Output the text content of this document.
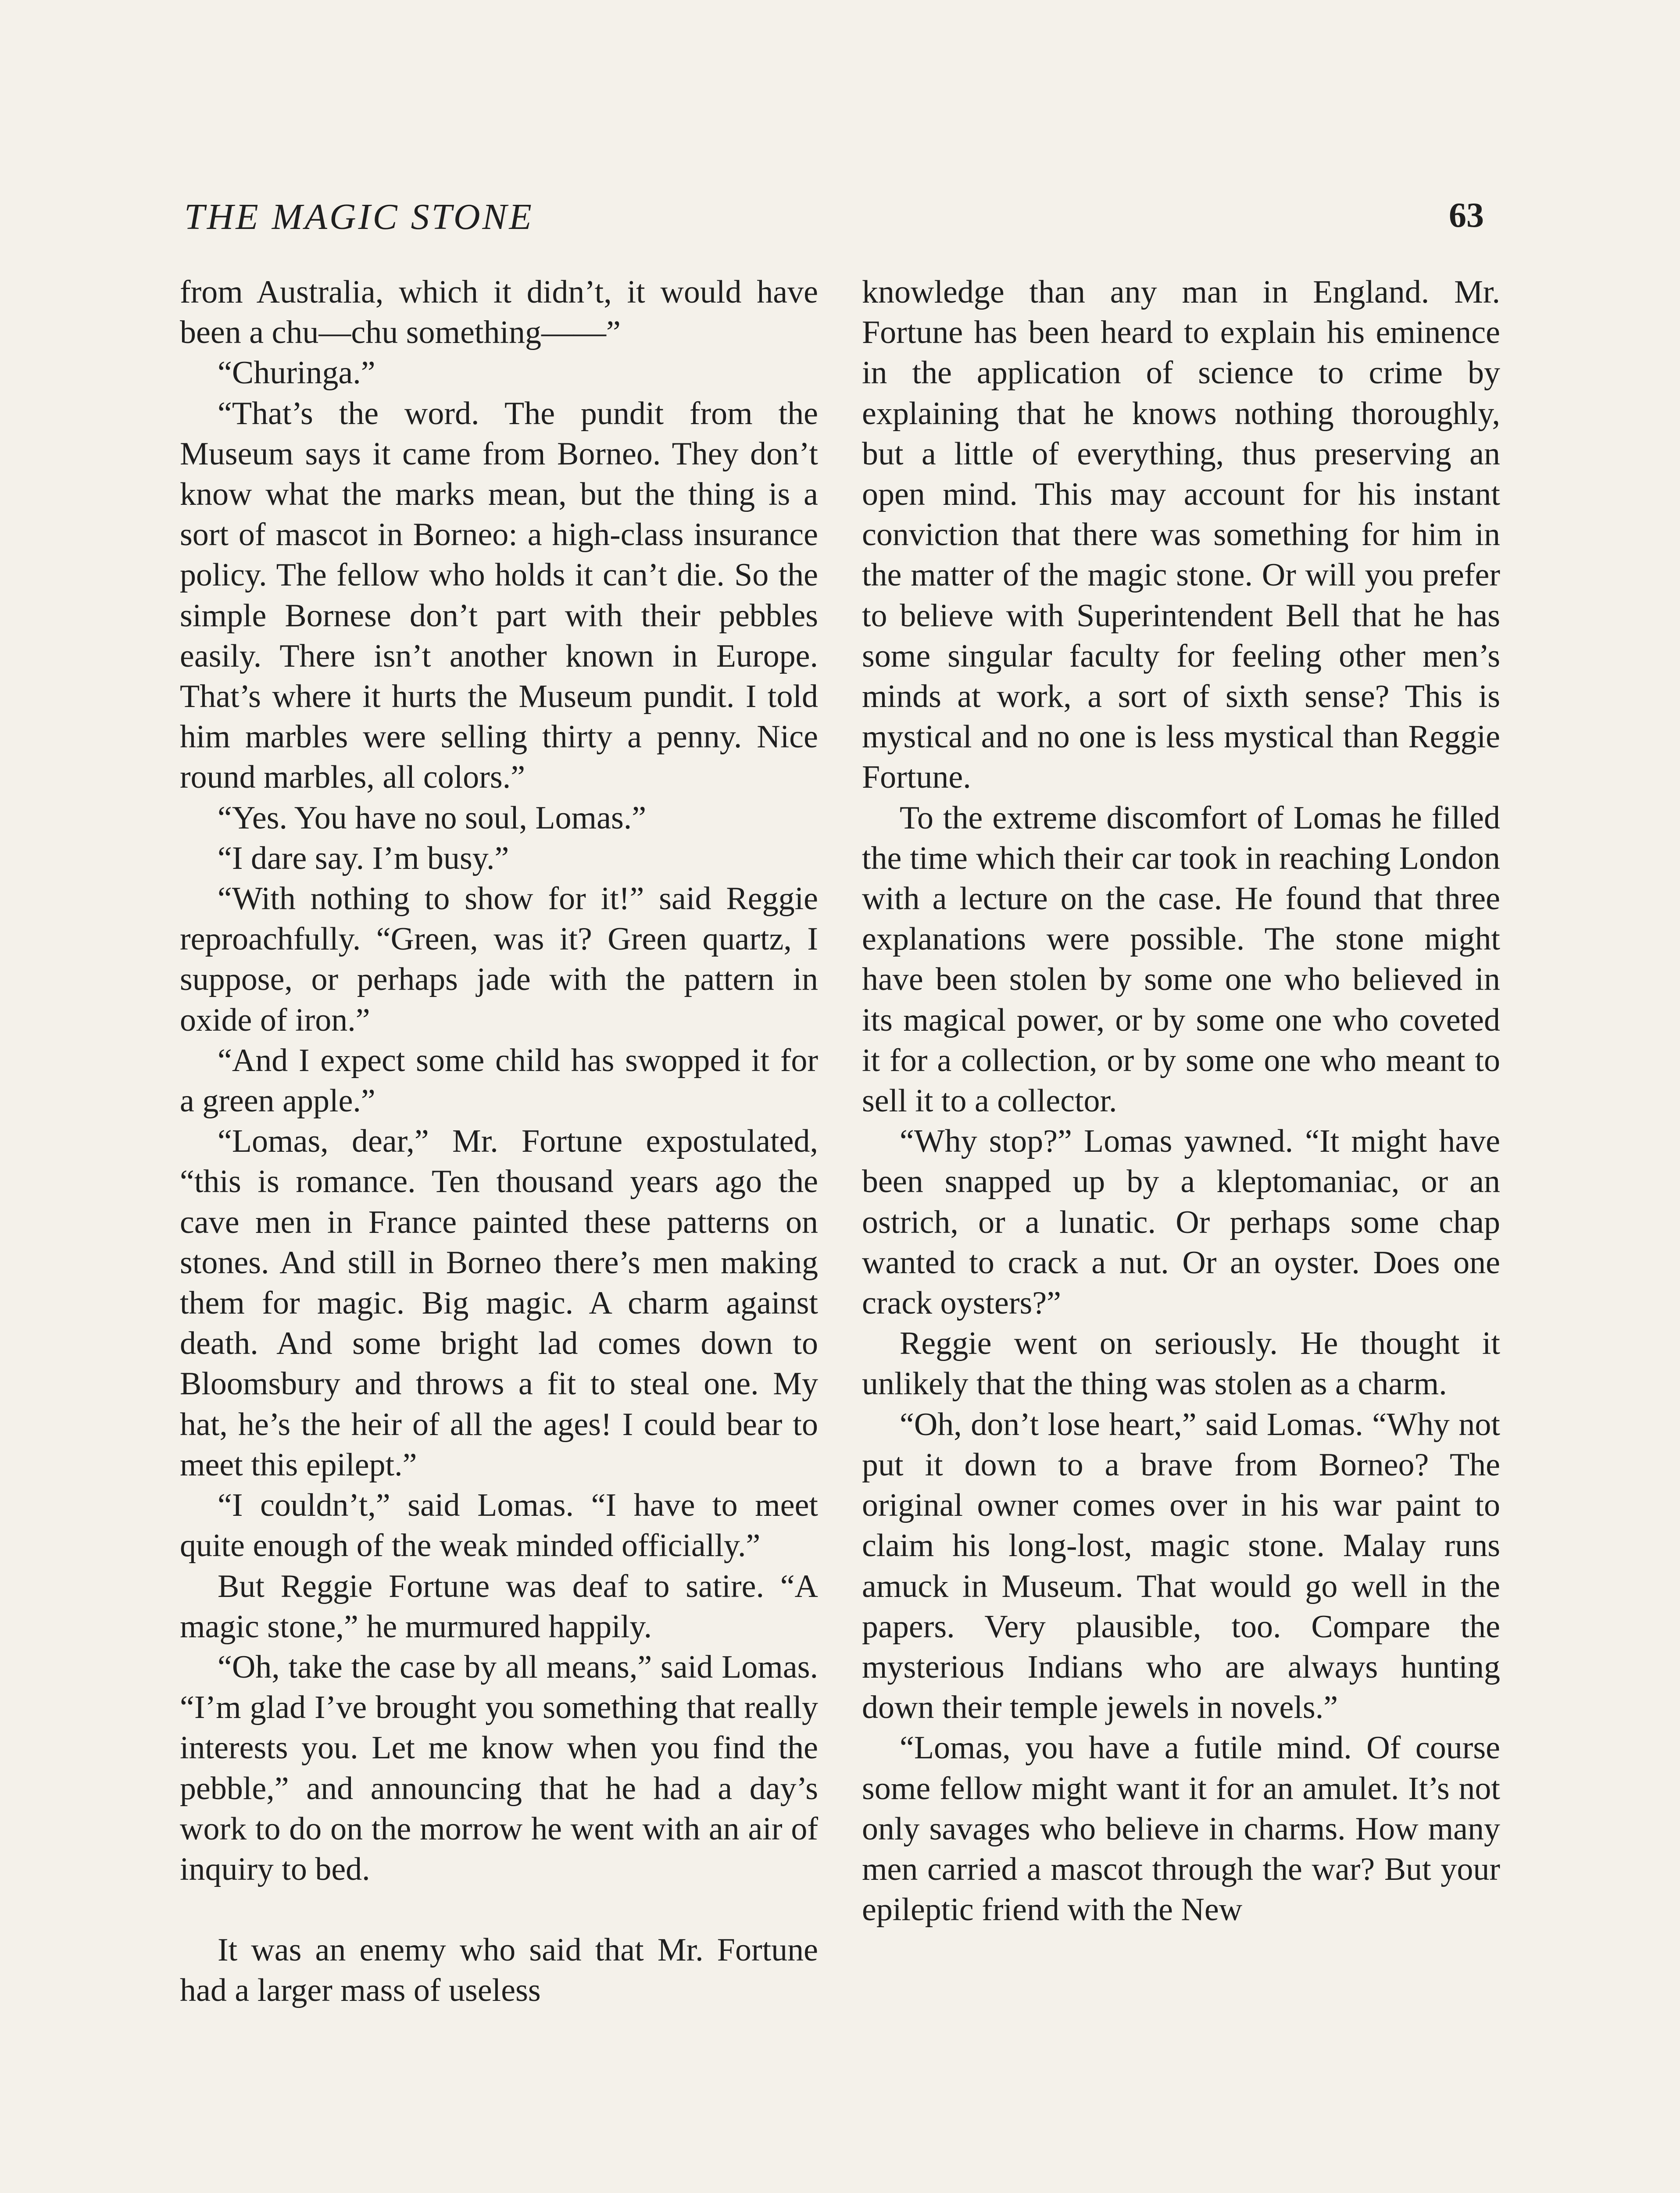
THE MAGIC STONE	63

from Australia, which it didn’t, it would have been a chu—chu something——”

“Churinga.”

“That’s the word. The pundit from the Museum says it came from Borneo. They don’t know what the marks mean, but the thing is a sort of mascot in Borneo: a high-class insurance policy. The fellow who holds it can’t die. So the simple Bornese don’t part with their pebbles easily. There isn’t another known in Europe. That’s where it hurts the Museum pundit. I told him marbles were selling thirty a penny. Nice round marbles, all colors.”

“Yes. You have no soul, Lomas.”

“I dare say. I’m busy.”

“With nothing to show for it!” said Reggie reproachfully. “Green, was it? Green quartz, I suppose, or perhaps jade with the pattern in oxide of iron.”

“And I expect some child has swopped it for a green apple.”

“Lomas, dear,” Mr. Fortune expostulated, “this is romance. Ten thousand years ago the cave men in France painted these patterns on stones. And still in Borneo there’s men making them for magic. Big magic. A charm against death. And some bright lad comes down to Bloomsbury and throws a fit to steal one. My hat, he’s the heir of all the ages! I could bear to meet this epilept.”

“I couldn’t,” said Lomas. “I have to meet quite enough of the weak minded officially.”

But Reggie Fortune was deaf to satire. “A magic stone,” he murmured happily.

“Oh, take the case by all means,” said Lomas. “I’m glad I’ve brought you something that really interests you. Let me know when you find the pebble,” and announcing that he had a day’s work to do on the morrow he went with an air of inquiry to bed.

It was an enemy who said that Mr. Fortune had a larger mass of useless

knowledge than any man in England. Mr. Fortune has been heard to explain his eminence in the application of science to crime by explaining that he knows nothing thoroughly, but a little of everything, thus preserving an open mind. This may account for his instant conviction that there was something for him in the matter of the magic stone. Or will you prefer to believe with Superintendent Bell that he has some singular faculty for feeling other men’s minds at work, a sort of sixth sense? This is mystical and no one is less mystical than Reggie Fortune.

To the extreme discomfort of Lomas he filled the time which their car took in reaching London with a lecture on the case. He found that three explanations were possible. The stone might have been stolen by some one who believed in its magical power, or by some one who coveted it for a collection, or by some one who meant to sell it to a collector.

“Why stop?” Lomas yawned. “It might have been snapped up by a kleptomaniac, or an ostrich, or a lunatic. Or perhaps some chap wanted to crack a nut. Or an oyster. Does one crack oysters?”

Reggie went on seriously. He thought it unlikely that the thing was stolen as a charm.

“Oh, don’t lose heart,” said Lomas. “Why not put it down to a brave from Borneo? The original owner comes over in his war paint to claim his long-lost, magic stone. Malay runs amuck in Museum. That would go well in the papers. Very plausible, too. Compare the mysterious Indians who are always hunting down their temple jewels in novels.”

“Lomas, you have a futile mind. Of course some fellow might want it for an amulet. It’s not only savages who believe in charms. How many men carried a mascot through the war? But your epileptic friend with the New
